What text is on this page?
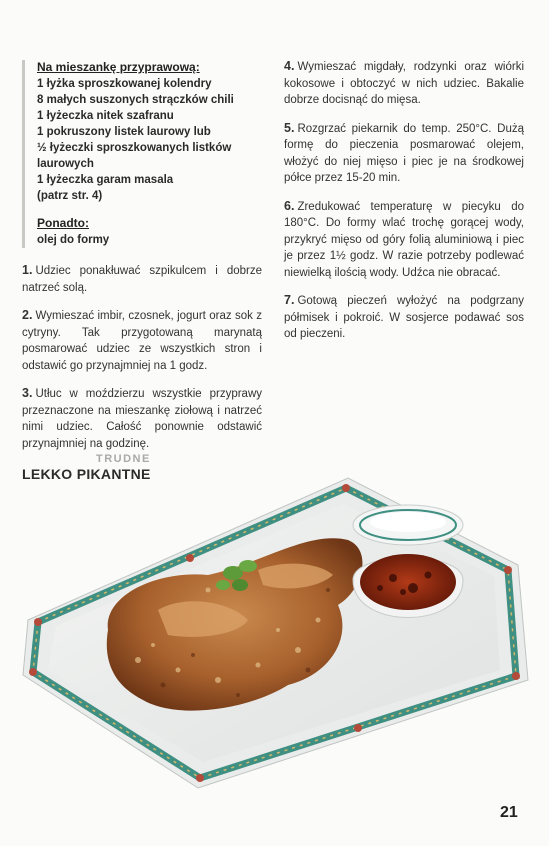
Na mieszankę przyprawową:
1 łyżka sproszkowanej kolendry
8 małych suszonych strączków chili
1 łyżeczka nitek szafranu
1 pokruszony listek laurowy lub
½ łyżeczki sproszkowanych listków
laurowych
1 łyżeczka garam masala
(patrz str. 4)
Ponadto:
olej do formy

1. Udziec ponakłuwać szpikulcem i dobrze natrzeć solą.

2. Wymieszać imbir, czosnek, jogurt oraz sok z cytryny. Tak przygotowaną marynatą posmarować udziec ze wszystkich stron i odstawić go przynajmniej na 1 godz.

3. Utłuc w moździerzu wszystkie przyprawy przeznaczone na mieszankę ziołową i natrzeć nimi udziec. Całość ponownie odstawić przynajmniej na godzinę.

4. Wymieszać migdały, rodzynki oraz wiórki kokosowe i obtoczyć w nich udziec. Bakalie dobrze docisnąć do mięsa.

5. Rozgrzać piekarnik do temp. 250°C. Dużą formę do pieczenia posmarować olejem, włożyć do niej mięso i piec je na środkowej półce przez 15-20 min.

6. Zredukować temperaturę w piecyku do 180°C. Do formy wlać trochę gorącej wody, przykryć mięso od góry folią aluminiową i piec je przez 1½ godz. W razie potrzeby podlewać niewielką ilością wody. Udźca nie obracać.

7. Gotową pieczeń wyłożyć na podgrzany półmisek i pokroić. W sosjerce podawać sos od pieczeni.

TRUDNE
LEKKO PIKANTNE
21
